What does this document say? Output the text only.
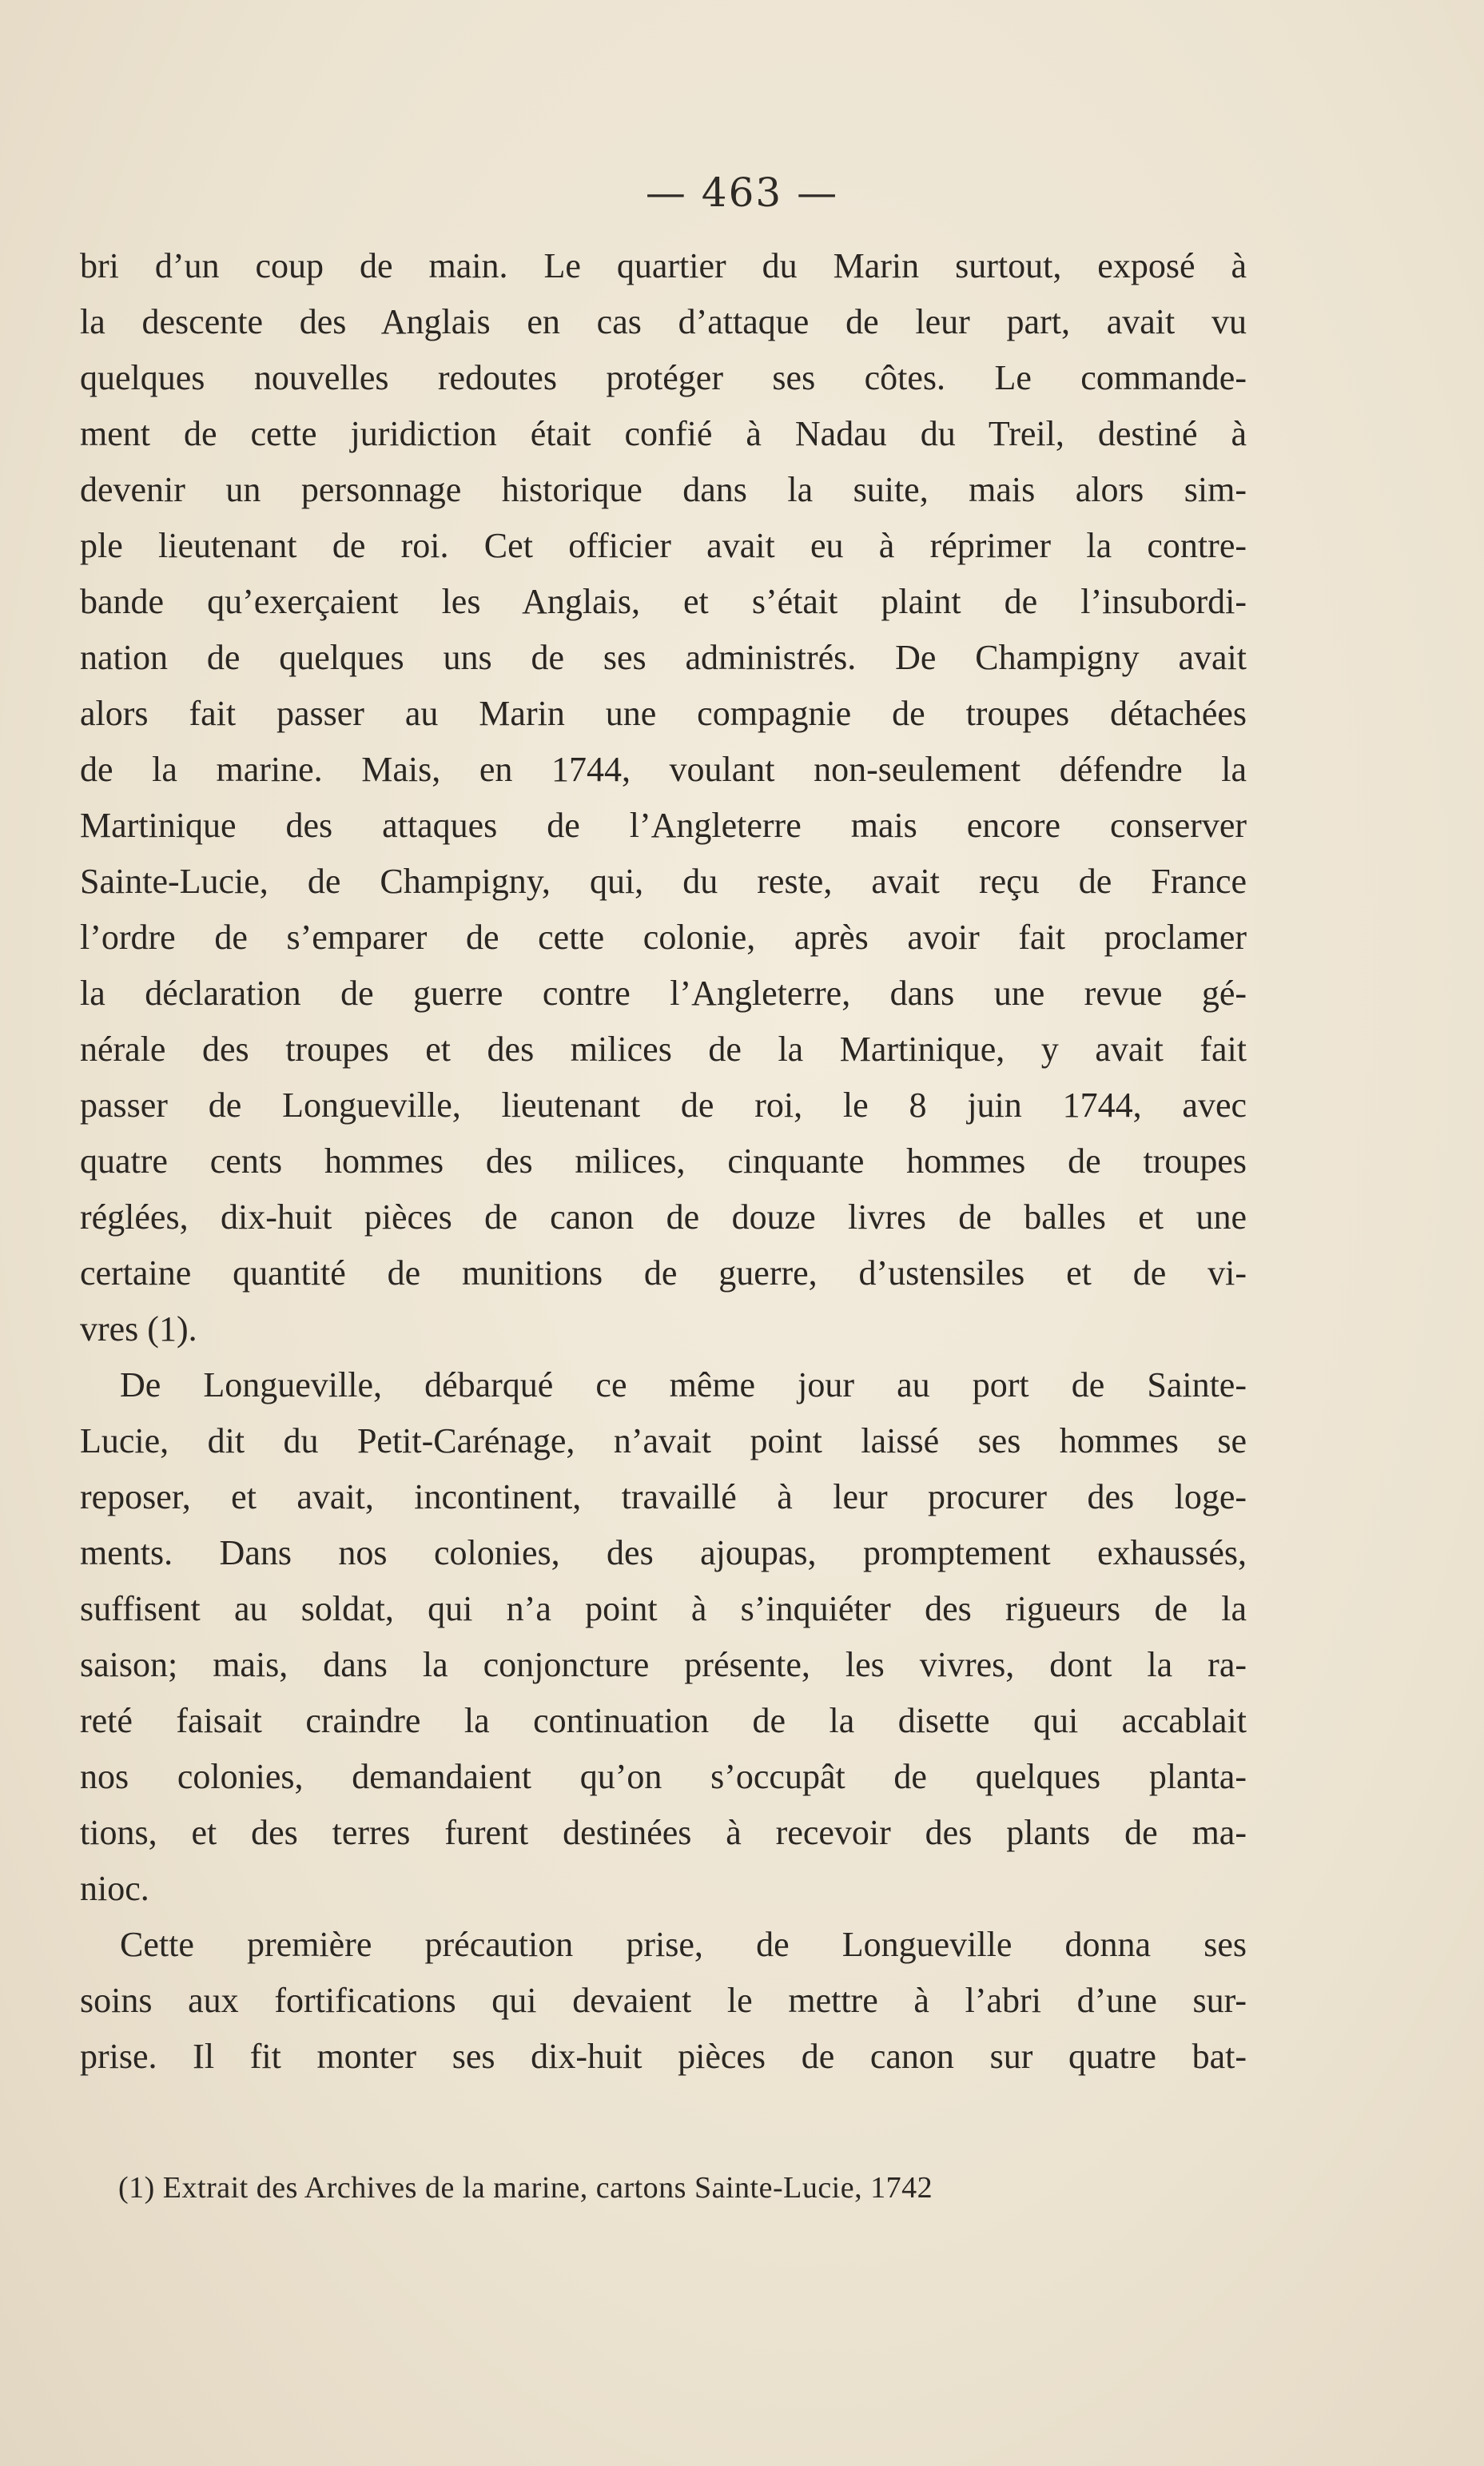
— 463 —
bri d’un coup de main. Le quartier du Marin surtout, exposé à
la descente des Anglais en cas d’attaque de leur part, avait vu
quelques nouvelles redoutes protéger ses côtes. Le commande-
ment de cette juridiction était confié à Nadau du Treil, destiné à
devenir un personnage historique dans la suite, mais alors sim-
ple lieutenant de roi. Cet officier avait eu à réprimer la contre-
bande qu’exerçaient les Anglais, et s’était plaint de l’insubordi-
nation de quelques uns de ses administrés. De Champigny avait
alors fait passer au Marin une compagnie de troupes détachées
de la marine. Mais, en 1744, voulant non-seulement défendre la
Martinique des attaques de l’Angleterre mais encore conserver
Sainte-Lucie, de Champigny, qui, du reste, avait reçu de France
l’ordre de s’emparer de cette colonie, après avoir fait proclamer
la déclaration de guerre contre l’Angleterre, dans une revue gé-
nérale des troupes et des milices de la Martinique, y avait fait
passer de Longueville, lieutenant de roi, le 8 juin 1744, avec
quatre cents hommes des milices, cinquante hommes de troupes
réglées, dix-huit pièces de canon de douze livres de balles et une
certaine quantité de munitions de guerre, d’ustensiles et de vi-
vres (1).
De Longueville, débarqué ce même jour au port de Sainte-
Lucie, dit du Petit-Carénage, n’avait point laissé ses hommes se
reposer, et avait, incontinent, travaillé à leur procurer des loge-
ments. Dans nos colonies, des ajoupas, promptement exhaussés,
suffisent au soldat, qui n’a point à s’inquiéter des rigueurs de la
saison; mais, dans la conjoncture présente, les vivres, dont la ra-
reté faisait craindre la continuation de la disette qui accablait
nos colonies, demandaient qu’on s’occupât de quelques planta-
tions, et des terres furent destinées à recevoir des plants de ma-
nioc.
Cette première précaution prise, de Longueville donna ses
soins aux fortifications qui devaient le mettre à l’abri d’une sur-
prise. Il fit monter ses dix-huit pièces de canon sur quatre bat-
(1) Extrait des Archives de la marine, cartons Sainte-Lucie, 1742
